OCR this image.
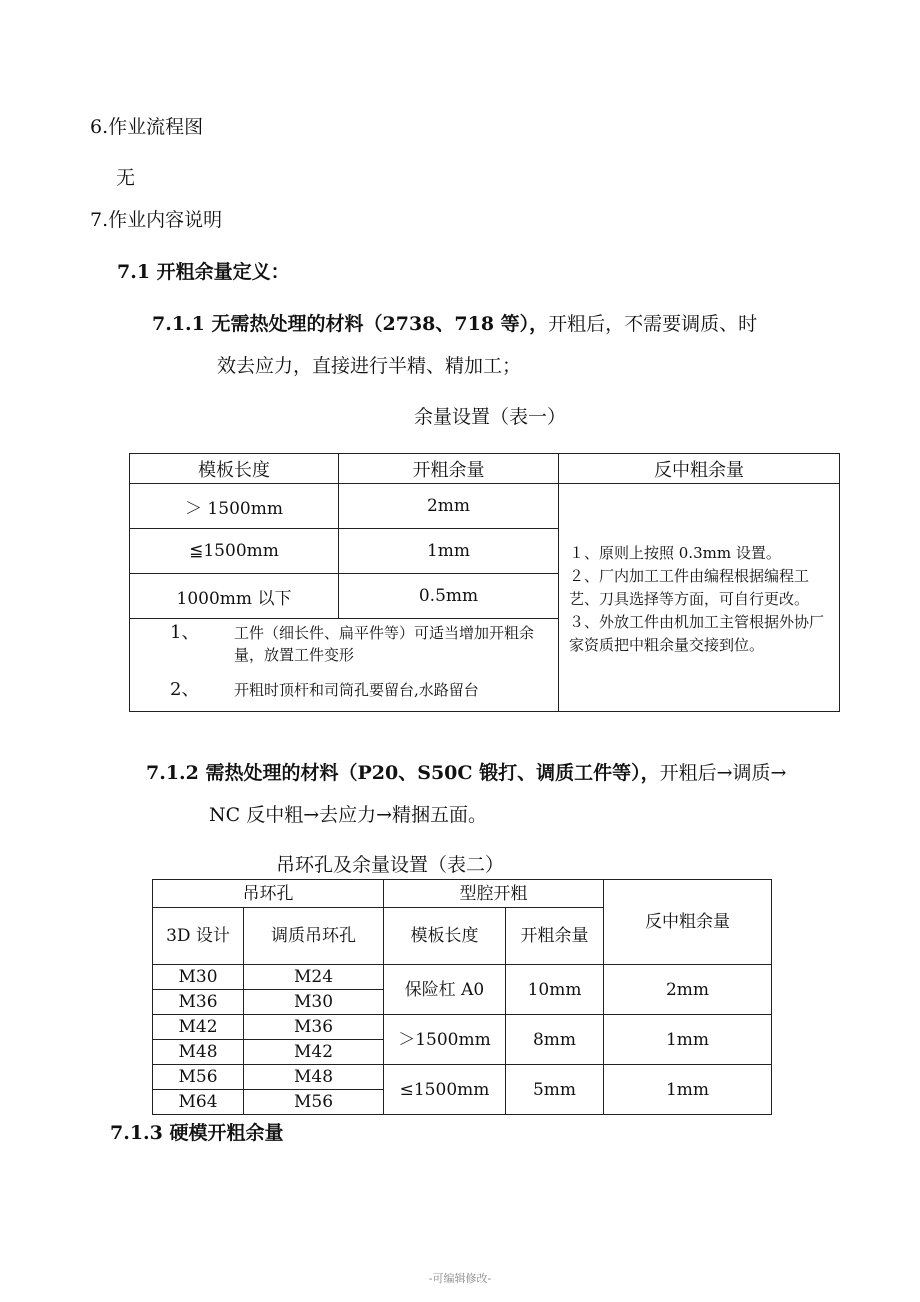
6.作业流程图
无
7.作业内容说明
7.1 开粗余量定义：
7.1.1 无需热处理的材料（2738、718 等），开粗后，不需要调质、时
效去应力，直接进行半精、精加工；
余量设置（表一）
模板长度	开粗余量	反中粗余量
＞ 1500mm	2mm	１、原则上按照 0.3mm 设置。
２、厂内加工工件由编程根据编程工艺、刀具选择等方面，可自行更改。
３、外放工件由机加工主管根据外协厂家资质把中粗余量交接到位。

≦1500mm	1mm	
1000mm 以下	0.5mm	

1、 工件（细长件、扁平件等）可适当增加开粗余量，放置工件变形
2、 开粗时顶杆和司筒孔要留台,水路留台		
7.1.2 需热处理的材料（P20、S50C 锻打、调质工件等），开粗后→调质→
NC 反中粗→去应力→精捆五面。
吊环孔及余量设置（表二）
吊环孔		型腔开粗		反中粗余量
3D 设计	调质吊环孔	模板长度	开粗余量	
M30	M24	保险杠 A0	10mm	2mm
M36	M30			
M42	M36	＞1500mm	8mm	1mm
M48	M42			
M56	M48	≤1500mm	5mm	1mm
M64	M56			
7.1.3 硬模开粗余量
-可编辑修改-
